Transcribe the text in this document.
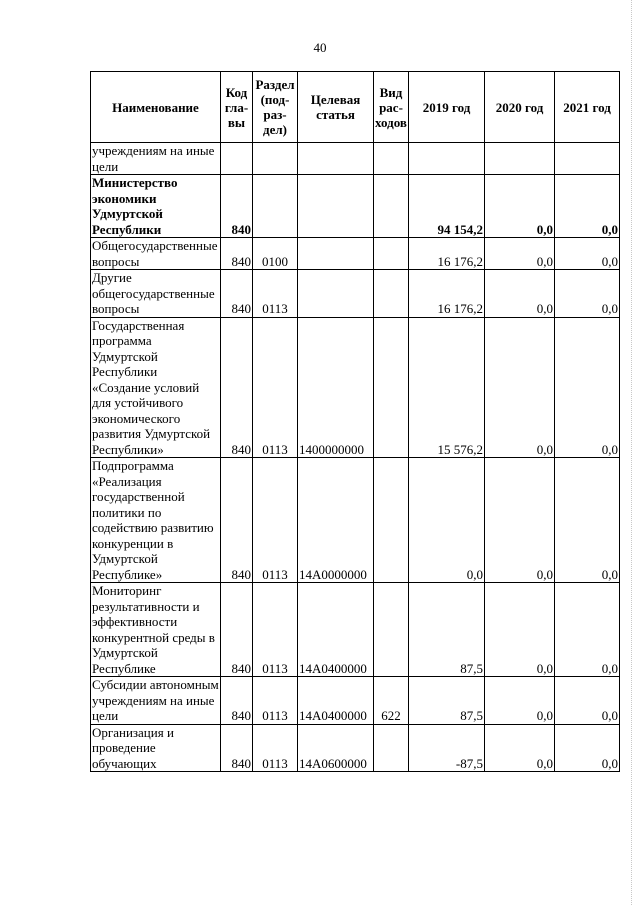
40
Наименование	Код гла-вы	Раздел (под-раз-дел)	Целевая статья	Вид рас-ходов	2019 год	2020 год	2021 год
учреждениям на иные цели							
Министерство экономики Удмуртской Республики	840				94 154,2	0,0	0,0
Общегосударственные вопросы	840	0100			16 176,2	0,0	0,0
Другие общегосударственные вопросы	840	0113			16 176,2	0,0	0,0
Государственная программа Удмуртской Республики «Создание условий для устойчивого экономического развития Удмуртской Республики»	840	0113	1400000000		15 576,2	0,0	0,0
Подпрограмма «Реализация государственной политики по содействию развитию конкуренции в Удмуртской Республике»	840	0113	14А0000000		0,0	0,0	0,0
Мониторинг результативности и эффективности конкурентной среды в Удмуртской Республике	840	0113	14А0400000		87,5	0,0	0,0
Субсидии автономным учреждениям на иные цели	840	0113	14А0400000	622	87,5	0,0	0,0
Организация и проведение обучающих	840	0113	14А0600000		-87,5	0,0	0,0
